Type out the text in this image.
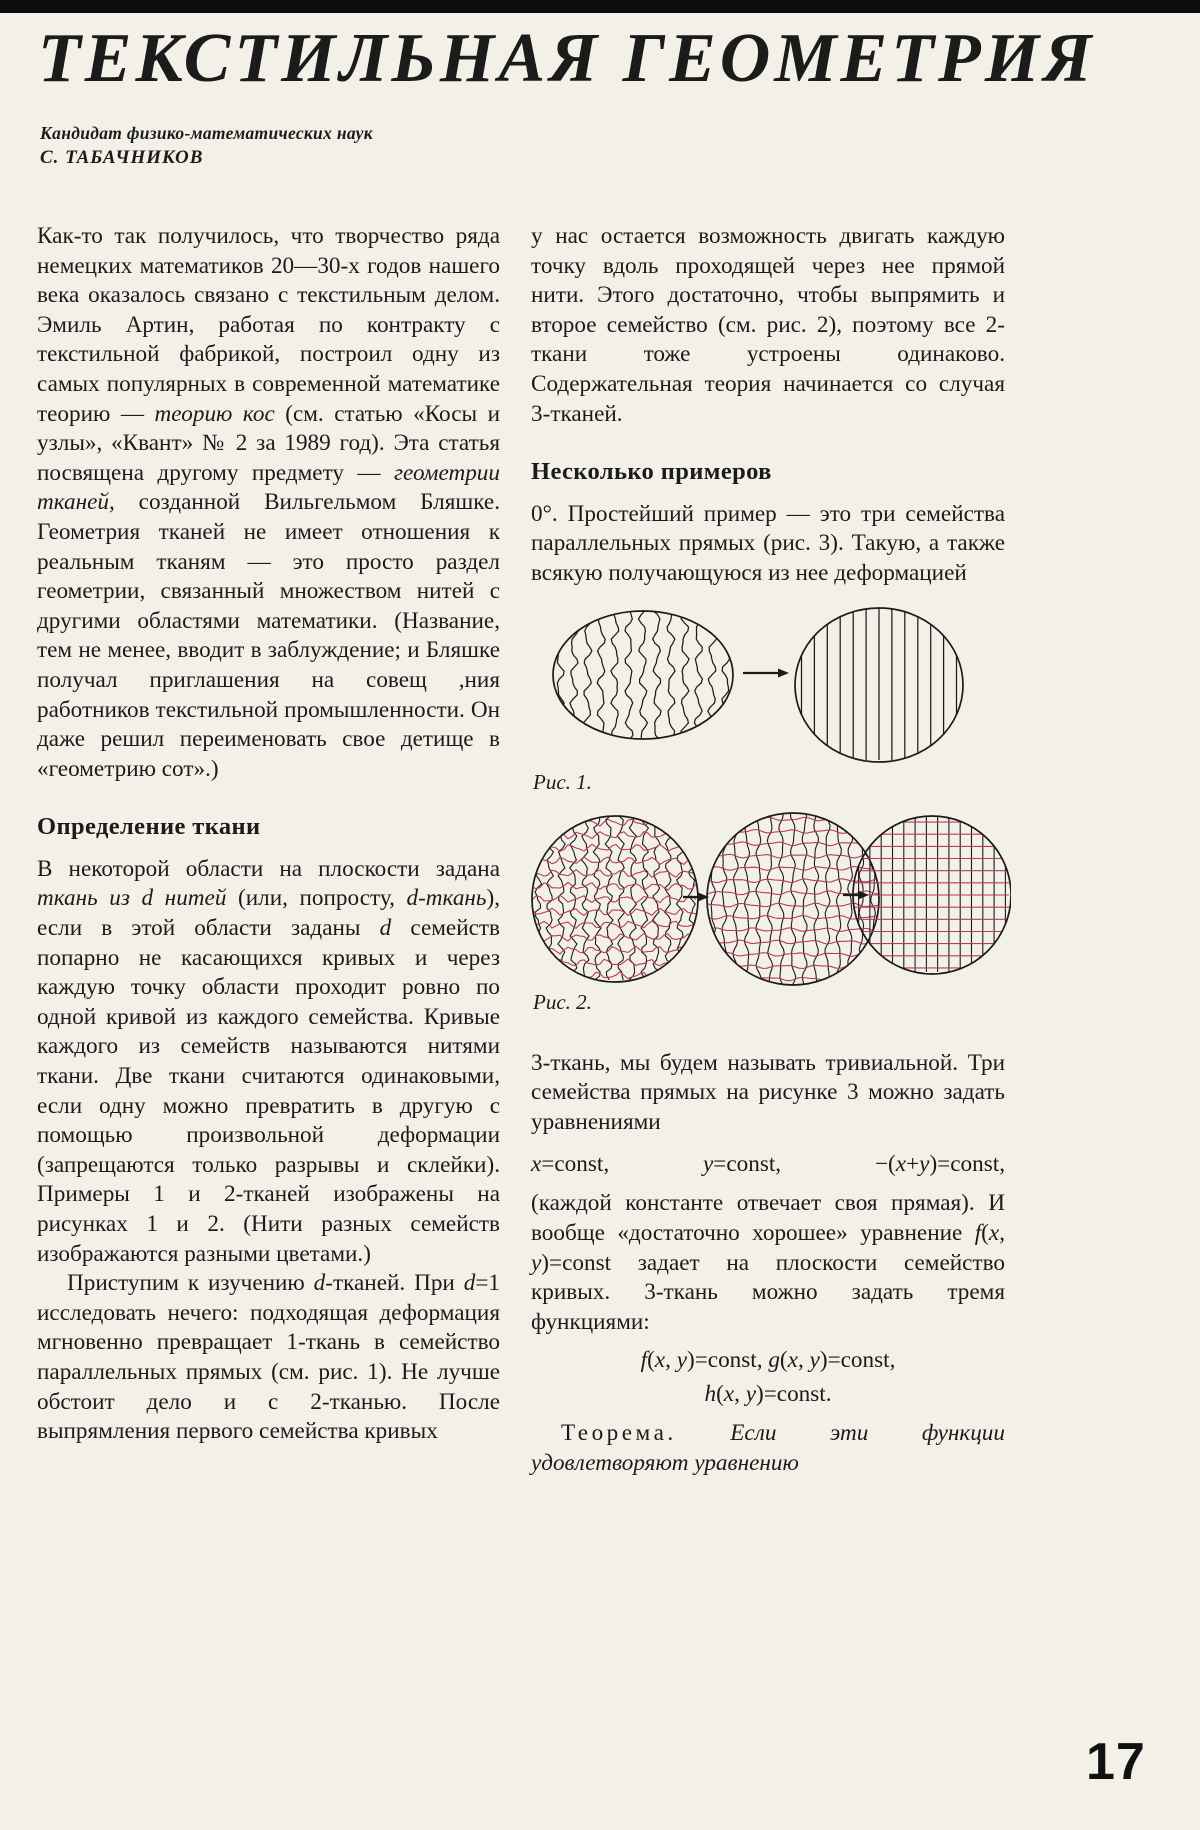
ТЕКСТИЛЬНАЯ ГЕОМЕТРИЯ
Кандидат физико-математических наук
С. ТАБАЧНИКОВ

Как-то так получилось, что творчество ряда немецких математиков 20—30-х годов нашего века оказалось связано с текстильным делом. Эмиль Артин, работая по контракту с текстильной фабрикой, построил одну из самых популярных в современной математике теорию — теорию кос (см. статью «Косы и узлы», «Квант» № 2 за 1989 год). Эта статья посвящена другому предмету — геометрии тканей, созданной Вильгельмом Бляшке. Геометрия тканей не имеет отношения к реальным тканям — это просто раздел геометрии, связанный множеством нитей с другими областями математики. (Название, тем не менее, вводит в заблуждение; и Бляшке получал приглашения на совещ ,ния работников текстильной промышленности. Он даже решил переименовать свое детище в «геометрию сот».)

Определение ткани

В некоторой области на плоскости задана ткань из d нитей (или, попросту, d-ткань), если в этой области заданы d семейств попарно не касающихся кривых и через каждую точку области проходит ровно по одной кривой из каждого семейства. Кривые каждого из семейств называются нитями ткани. Две ткани считаются одинаковыми, если одну можно превратить в другую с помощью произвольной деформации (запрещаются только разрывы и склейки). Примеры 1 и 2-тканей изображены на рисунках 1 и 2. (Нити разных семейств изображаются разными цветами.)

Приступим к изучению d-тканей. При d=1 исследовать нечего: подходящая деформация мгновенно превращает 1-ткань в семейство параллельных прямых (см. рис. 1). Не лучше обстоит дело и с 2-тканью. После выпрямления первого семейства кривых

у нас остается возможность двигать каждую точку вдоль проходящей через нее прямой нити. Этого достаточно, чтобы выпрямить и второе семейство (см. рис. 2), поэтому все 2-ткани тоже устроены одинаково. Содержательная теория начинается со случая 3-тканей.

Несколько примеров

0°. Простейший пример — это три семейства параллельных прямых (рис. 3). Такую, а также всякую получающуюся из нее деформацией

Рис. 1.
Рис. 2.

3-ткань, мы будем называть тривиальной. Три семейства прямых на рисунке 3 можно задать уравнениями

x=const,	y=const,	−(x+y)=const,

(каждой константе отвечает своя прямая). И вообще «достаточно хорошее» уравнение f(x, y)=const задает на плоскости семейство кривых. 3-ткань можно задать тремя функциями:

f(x, y)=const, g(x, y)=const,
h(x, y)=const.

Теорема. Если эти функции удовлетворяют уравнению

17
